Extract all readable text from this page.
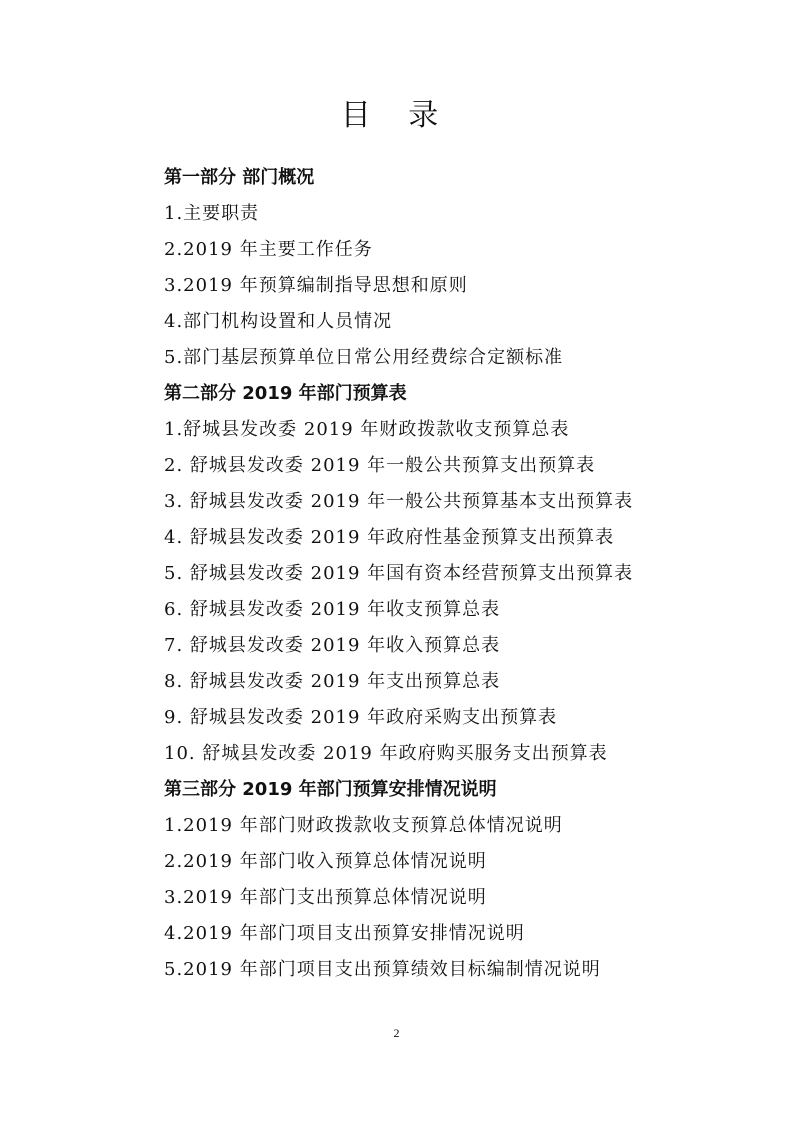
目 录
第一部分 部门概况
1.主要职责
2.2019 年主要工作任务
3.2019 年预算编制指导思想和原则
4.部门机构设置和人员情况
5.部门基层预算单位日常公用经费综合定额标准
第二部分 2019 年部门预算表
1.舒城县发改委 2019 年财政拨款收支预算总表
2. 舒城县发改委 2019 年一般公共预算支出预算表
3. 舒城县发改委 2019 年一般公共预算基本支出预算表
4. 舒城县发改委 2019 年政府性基金预算支出预算表
5. 舒城县发改委 2019 年国有资本经营预算支出预算表
6. 舒城县发改委 2019 年收支预算总表
7. 舒城县发改委 2019 年收入预算总表
8. 舒城县发改委 2019 年支出预算总表
9. 舒城县发改委 2019 年政府采购支出预算表
10. 舒城县发改委 2019 年政府购买服务支出预算表
第三部分 2019 年部门预算安排情况说明
1.2019 年部门财政拨款收支预算总体情况说明
2.2019 年部门收入预算总体情况说明
3.2019 年部门支出预算总体情况说明
4.2019 年部门项目支出预算安排情况说明
5.2019 年部门项目支出预算绩效目标编制情况说明
2
